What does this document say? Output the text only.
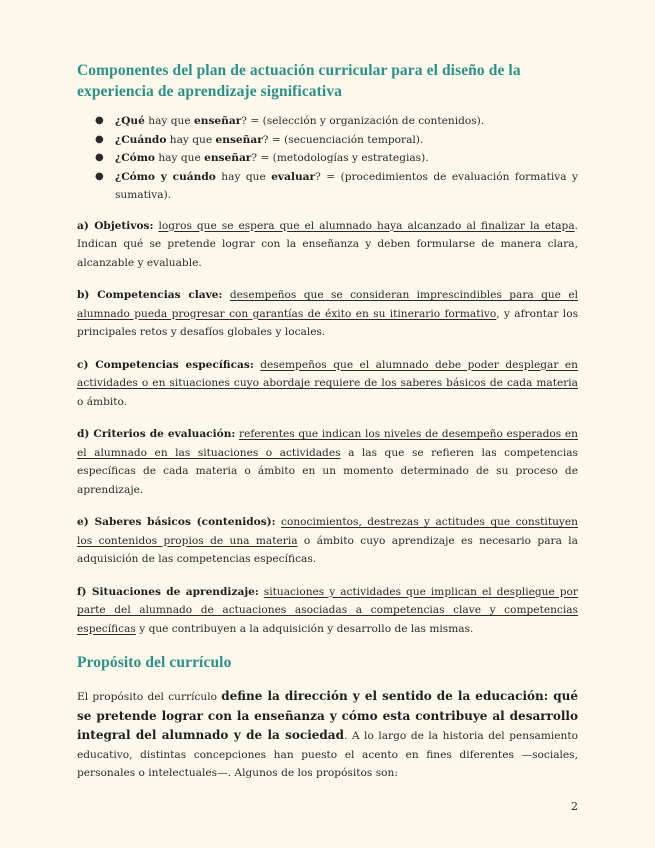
Componentes del plan de actuación curricular para el diseño de la experiencia de aprendizaje significativa
● ¿Qué hay que enseñar? = (selección y organización de contenidos).
● ¿Cuándo hay que enseñar? = (secuenciación temporal).
● ¿Cómo hay que enseñar? = (metodologías y estrategias).
● ¿Cómo y cuándo hay que evaluar? = (procedimientos de evaluación formativa y sumativa).

a) Objetivos: logros que se espera que el alumnado haya alcanzado al finalizar la etapa. Indican qué se pretende lograr con la enseñanza y deben formularse de manera clara, alcanzable y evaluable.

b) Competencias clave: desempeños que se consideran imprescindibles para que el alumnado pueda progresar con garantías de éxito en su itinerario formativo, y afrontar los principales retos y desafíos globales y locales.

c) Competencias específicas: desempeños que el alumnado debe poder desplegar en actividades o en situaciones cuyo abordaje requiere de los saberes básicos de cada materia o ámbito.

d) Criterios de evaluación: referentes que indican los niveles de desempeño esperados en el alumnado en las situaciones o actividades a las que se refieren las competencias específicas de cada materia o ámbito en un momento determinado de su proceso de aprendizaje.

e) Saberes básicos (contenidos): conocimientos, destrezas y actitudes que constituyen los contenidos propios de una materia o ámbito cuyo aprendizaje es necesario para la adquisición de las competencias específicas.

f) Situaciones de aprendizaje: situaciones y actividades que implican el despliegue por parte del alumnado de actuaciones asociadas a competencias clave y competencias específicas y que contribuyen a la adquisición y desarrollo de las mismas.

Propósito del currículo

El propósito del currículo define la dirección y el sentido de la educación: qué se pretende lograr con la enseñanza y cómo esta contribuye al desarrollo integral del alumnado y de la sociedad. A lo largo de la historia del pensamiento educativo, distintas concepciones han puesto el acento en fines diferentes —sociales, personales o intelectuales—. Algunos de los propósitos son:

2
